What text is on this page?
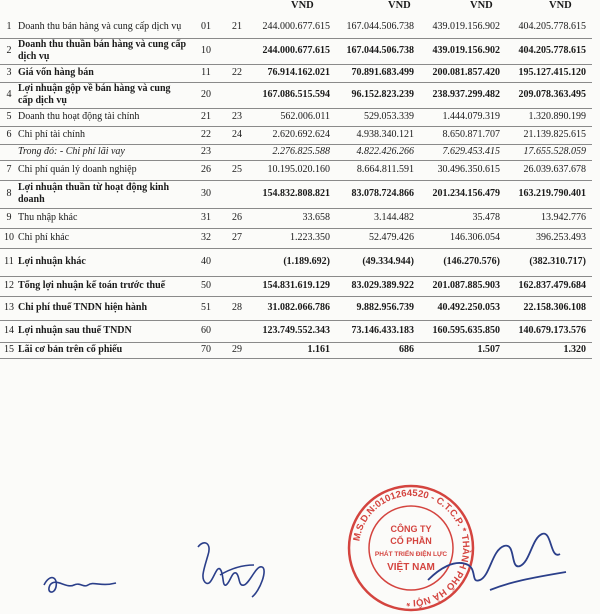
VND	VND	VND	VND
1	Doanh thu bán hàng và cung cấp dịch vụ	01	21	244.000.677.615	167.044.506.738	439.019.156.902	404.205.778.615
2	Doanh thu thuần bán hàng và cung cấp dịch vụ	10		244.000.677.615	167.044.506.738	439.019.156.902	404.205.778.615
3	Giá vốn hàng bán	11	22	76.914.162.021	70.891.683.499	200.081.857.420	195.127.415.120
4	Lợi nhuận gộp về bán hàng và cung cấp dịch vụ	20		167.086.515.594	96.152.823.239	238.937.299.482	209.078.363.495
5	Doanh thu hoạt động tài chính	21	23	562.006.011	529.053.339	1.444.079.319	1.320.890.199
6	Chi phí tài chính	22	24	2.620.692.624	4.938.340.121	8.650.871.707	21.139.825.615
	Trong đó: - Chi phí lãi vay	23		2.276.825.588	4.822.426.266	7.629.453.415	17.655.528.059
7	Chi phí quản lý doanh nghiệp	26	25	10.195.020.160	8.664.811.591	30.496.350.615	26.039.637.678
8	Lợi nhuận thuần từ hoạt động kinh doanh	30		154.832.808.821	83.078.724.866	201.234.156.479	163.219.790.401
9	Thu nhập khác	31	26	33.658	3.144.482	35.478	13.942.776
10	Chi phí khác	32	27	1.223.350	52.479.426	146.306.054	396.253.493
11	Lợi nhuận khác	40		(1.189.692)	(49.334.944)	(146.270.576)	(382.310.717)
12	Tổng lợi nhuận kế toán trước thuế	50		154.831.619.129	83.029.389.922	201.087.885.903	162.837.479.684
13	Chi phí thuế TNDN hiện hành	51	28	31.082.066.786	9.882.956.739	40.492.250.053	22.158.306.108
14	Lợi nhuận sau thuế TNDN	60		123.749.552.343	73.146.433.183	160.595.635.850	140.679.173.576
15	Lãi cơ bản trên cổ phiếu	70	29	1.161	686	1.507	1.320
M.S.D.N:0101264520 - C.T.C.P. * THÀNH PHỐ HÀ NỘI *
CÔNG TY
CỔ PHẦN
PHÁT TRIỂN ĐIỆN LỰC
VIỆT NAM
